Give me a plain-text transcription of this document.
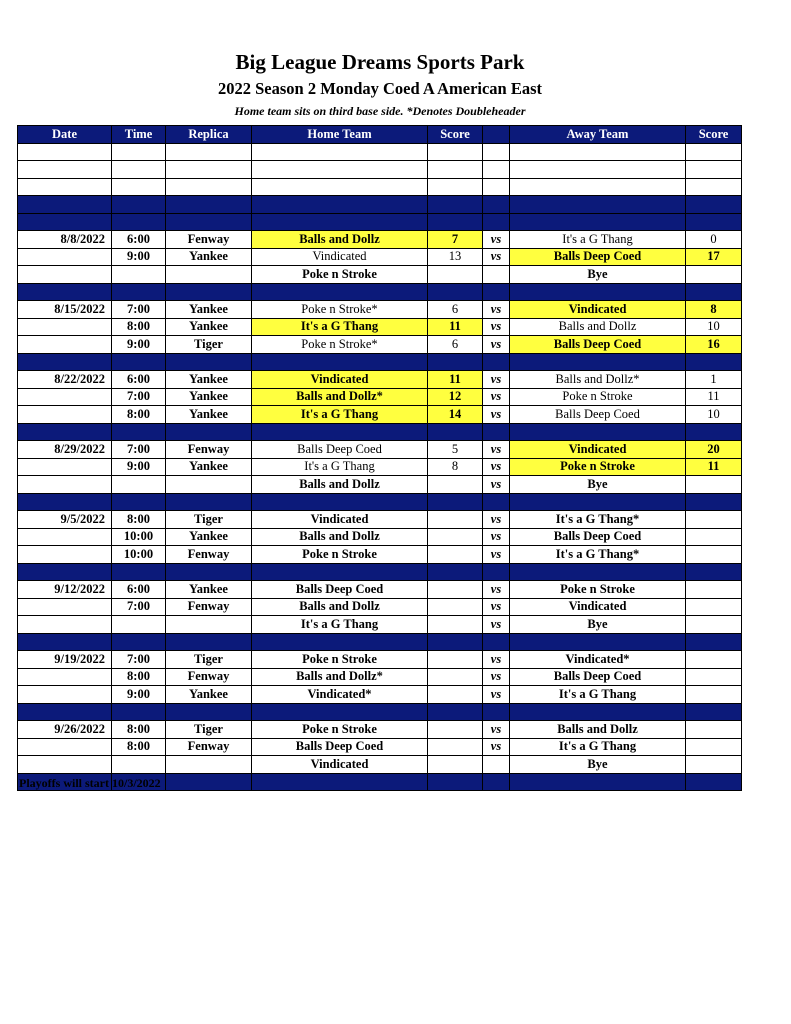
Big League Dreams Sports Park
2022 Season 2 Monday Coed A American East
Home team sits on third base side. *Denotes Doubleheader
Date	Time	Replica	Home Team	Score		Away Team	Score

8/8/2022	6:00	Fenway	Balls and Dollz	7	vs	It's a G Thang	0
	9:00	Yankee	Vindicated	13	vs	Balls Deep Coed	17
			Poke n Stroke			Bye	

8/15/2022	7:00	Yankee	Poke n Stroke*	6	vs	Vindicated	8
	8:00	Yankee	It's a G Thang	11	vs	Balls and Dollz	10
	9:00	Tiger	Poke n Stroke*	6	vs	Balls Deep Coed	16

8/22/2022	6:00	Yankee	Vindicated	11	vs	Balls and Dollz*	1
	7:00	Yankee	Balls and Dollz*	12	vs	Poke n Stroke	11
	8:00	Yankee	It's a G Thang	14	vs	Balls Deep Coed	10

8/29/2022	7:00	Fenway	Balls Deep Coed	5	vs	Vindicated	20
	9:00	Yankee	It's a G Thang	8	vs	Poke n Stroke	11
			Balls and Dollz		vs	Bye	

9/5/2022	8:00	Tiger	Vindicated		vs	It's a G Thang*	
	10:00	Yankee	Balls and Dollz		vs	Balls Deep Coed	
	10:00	Fenway	Poke n Stroke		vs	It's a G Thang*	

9/12/2022	6:00	Yankee	Balls Deep Coed		vs	Poke n Stroke	
	7:00	Fenway	Balls and Dollz		vs	Vindicated	
			It's a G Thang		vs	Bye	

9/19/2022	7:00	Tiger	Poke n Stroke		vs	Vindicated*	
	8:00	Fenway	Balls and Dollz*		vs	Balls Deep Coed	
	9:00	Yankee	Vindicated*		vs	It's a G Thang	

9/26/2022	8:00	Tiger	Poke n Stroke		vs	Balls and Dollz	
	8:00	Fenway	Balls Deep Coed		vs	It's a G Thang	
			Vindicated			Bye	

Playoffs will start 10/3/2022
